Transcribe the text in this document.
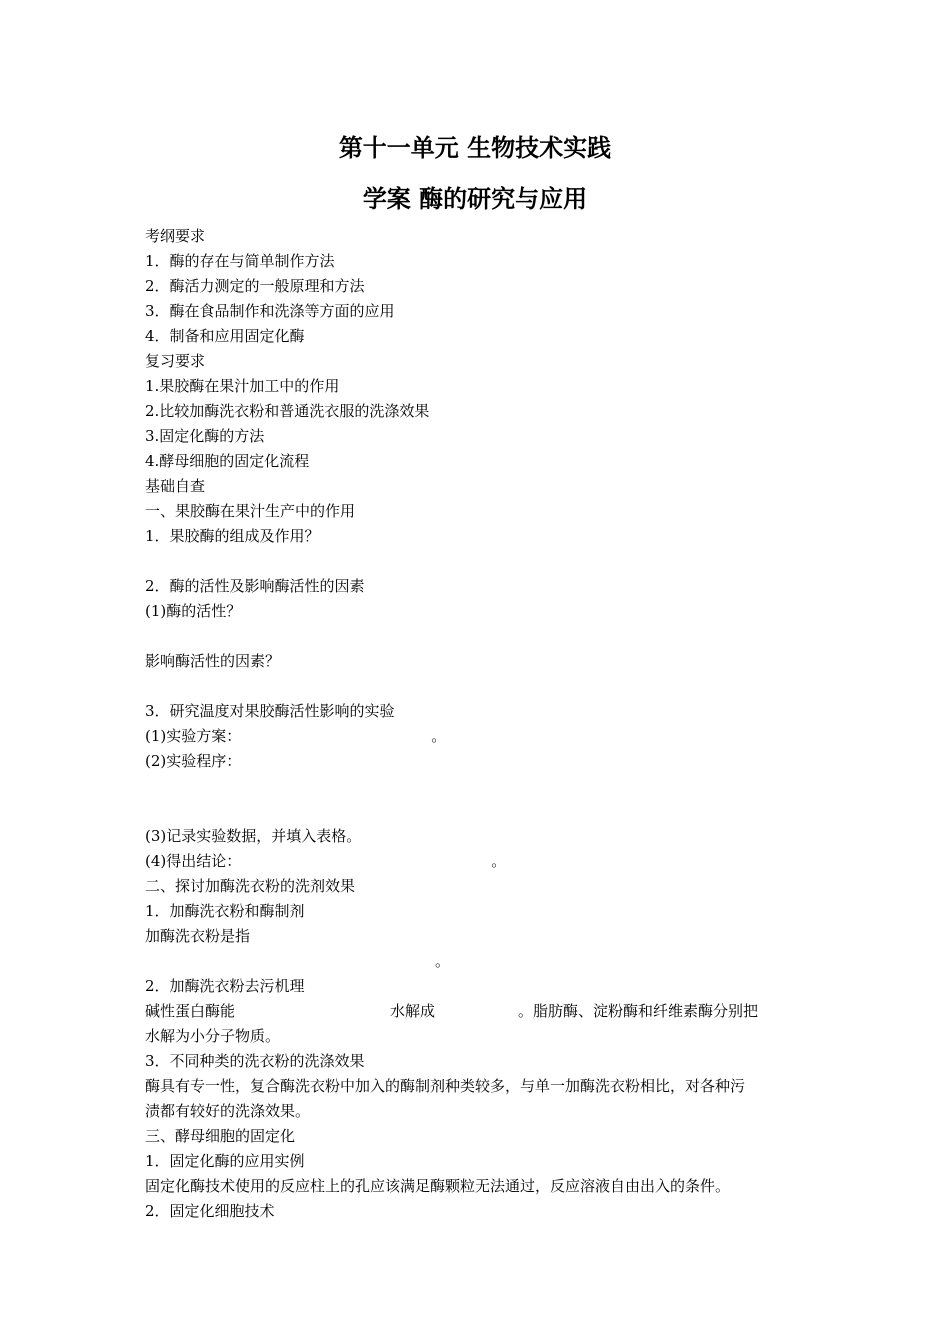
第十一单元 生物技术实践
学案 酶的研究与应用
考纲要求
1．酶的存在与简单制作方法
2．酶活力测定的一般原理和方法
3．酶在食品制作和洗涤等方面的应用
4．制备和应用固定化酶
复习要求
1.果胶酶在果汁加工中的作用
2.比较加酶洗衣粉和普通洗衣服的洗涤效果
3.固定化酶的方法
4.酵母细胞的固定化流程
基础自查
一、果胶酶在果汁生产中的作用
1．果胶酶的组成及作用？
2．酶的活性及影响酶活性的因素
(1)酶的活性？
影响酶活性的因素？
3．研究温度对果胶酶活性影响的实验
(1)实验方案：	。
(2)实验程序：
(3)记录实验数据，并填入表格。
(4)得出结论：	。
二、探讨加酶洗衣粉的洗剂效果
1．加酶洗衣粉和酶制剂
加酶洗衣粉是指
。
2．加酶洗衣粉去污机理
碱性蛋白酶能	水解成	。脂肪酶、淀粉酶和纤维素酶分别把
水解为小分子物质。
3．不同种类的洗衣粉的洗涤效果
酶具有专一性，复合酶洗衣粉中加入的酶制剂种类较多，与单一加酶洗衣粉相比，对各种污
渍都有较好的洗涤效果。
三、酵母细胞的固定化
1．固定化酶的应用实例
固定化酶技术使用的反应柱上的孔应该满足酶颗粒无法通过，反应溶液自由出入的条件。
2．固定化细胞技术
